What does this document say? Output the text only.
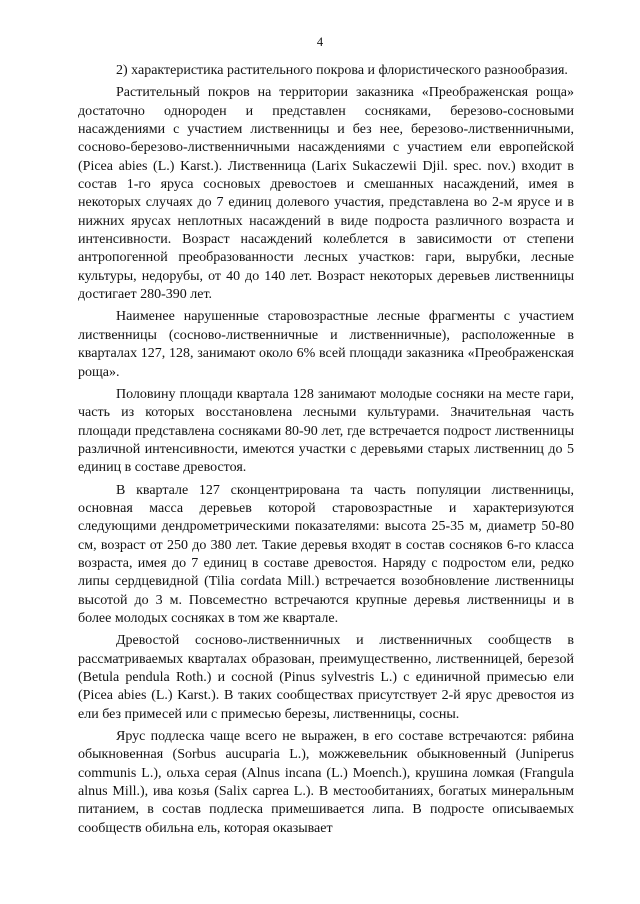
4

2) характеристика растительного покрова и флористического разнообразия.

Растительный покров на территории заказника «Преображенская роща» достаточно однороден и представлен сосняками, березово-сосновыми насаждениями с участием лиственницы и без нее, березово-лиственничными, сосново-березово-лиственничными насаждениями с участием ели европейской (Picea abies (L.) Karst.). Лиственница (Larix Sukaczewii Djil. spec. nov.) входит в состав 1-го яруса сосновых древостоев и смешанных насаждений, имея в некоторых случаях до 7 единиц долевого участия, представлена во 2-м ярусе и в нижних ярусах неплотных насаждений в виде подроста различного возраста и интенсивности. Возраст насаждений колеблется в зависимости от степени антропогенной преобразованности лесных участков: гари, вырубки, лесные культуры, недорубы, от 40 до 140 лет. Возраст некоторых деревьев лиственницы достигает 280-390 лет.

Наименее нарушенные старовозрастные лесные фрагменты с участием лиственницы (сосново-лиственничные и лиственничные), расположенные в кварталах 127, 128, занимают около 6% всей площади заказника «Преображенская роща».

Половину площади квартала 128 занимают молодые сосняки на месте гари, часть из которых восстановлена лесными культурами. Значительная часть площади представлена сосняками 80-90 лет, где встречается подрост лиственницы различной интенсивности, имеются участки с деревьями старых лиственниц до 5 единиц в составе древостоя.

В квартале 127 сконцентрирована та часть популяции лиственницы, основная масса деревьев которой старовозрастные и характеризуются следующими дендрометрическими показателями: высота 25-35 м, диаметр 50-80 см, возраст от 250 до 380 лет. Такие деревья входят в состав сосняков 6-го класса возраста, имея до 7 единиц в составе древостоя. Наряду с подростом ели, редко липы сердцевидной (Tilia cordata Mill.) встречается возобновление лиственницы высотой до 3 м. Повсеместно встречаются крупные деревья лиственницы и в более молодых сосняках в том же квартале.

Древостой сосново-лиственничных и лиственничных сообществ в рассматриваемых кварталах образован, преимущественно, лиственницей, березой (Betula pendula Roth.) и сосной (Pinus sylvestris L.) с единичной примесью ели (Picea abies (L.) Karst.). В таких сообществах присутствует 2-й ярус древостоя из ели без примесей или с примесью березы, лиственницы, сосны.

Ярус подлеска чаще всего не выражен, в его составе встречаются: рябина обыкновенная (Sorbus aucuparia L.), можжевельник обыкновенный (Juniperus communis L.), ольха серая (Alnus incana (L.) Moench.), крушина ломкая (Frangula alnus Mill.), ива козья (Salix caprea L.). В местообитаниях, богатых минеральным питанием, в состав подлеска примешивается липа. В подросте описываемых сообществ обильна ель, которая оказывает
